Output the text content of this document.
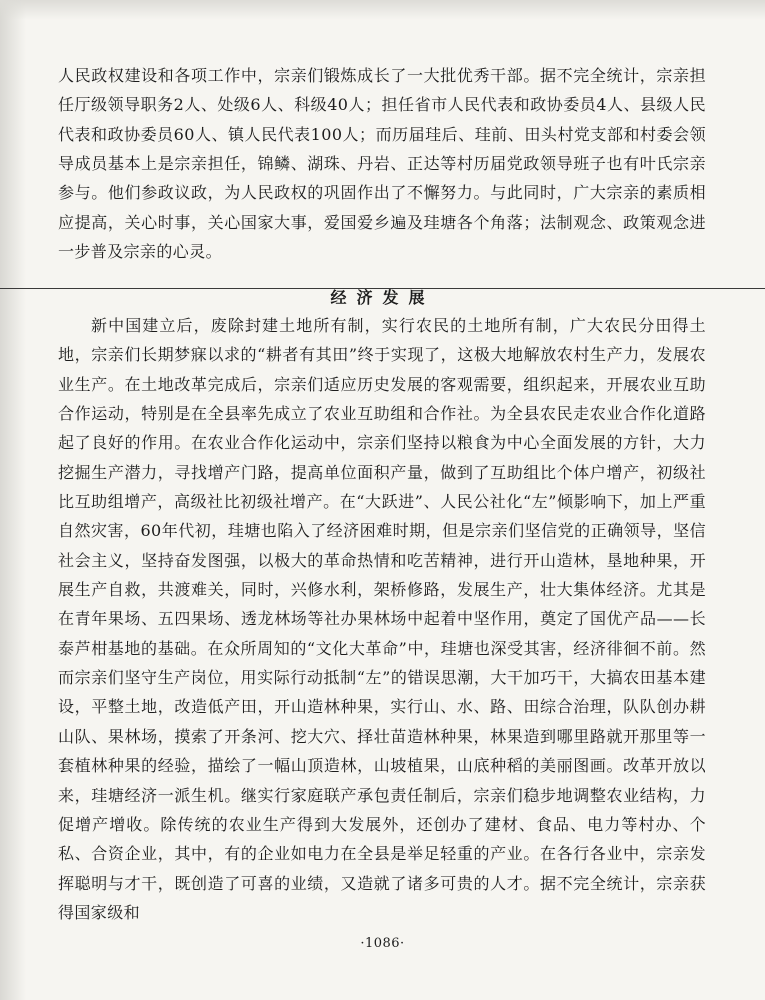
人民政权建设和各项工作中，宗亲们锻炼成长了一大批优秀干部。据不完全统计，宗亲担任厅级领导职务2人、处级6人、科级40人；担任省市人民代表和政协委员4人、县级人民代表和政协委员60人、镇人民代表100人；而历届珪后、珪前、田头村党支部和村委会领导成员基本上是宗亲担任，锦鳞、湖珠、丹岩、正达等村历届党政领导班子也有叶氏宗亲参与。他们参政议政，为人民政权的巩固作出了不懈努力。与此同时，广大宗亲的素质相应提高，关心时事，关心国家大事，爱国爱乡遍及珪塘各个角落；法制观念、政策观念进一步普及宗亲的心灵。

经济发展

新中国建立后，废除封建土地所有制，实行农民的土地所有制，广大农民分田得土地，宗亲们长期梦寐以求的“耕者有其田”终于实现了，这极大地解放农村生产力，发展农业生产。在土地改革完成后，宗亲们适应历史发展的客观需要，组织起来，开展农业互助合作运动，特别是在全县率先成立了农业互助组和合作社。为全县农民走农业合作化道路起了良好的作用。在农业合作化运动中，宗亲们坚持以粮食为中心全面发展的方针，大力挖掘生产潜力，寻找增产门路，提高单位面积产量，做到了互助组比个体户增产，初级社比互助组增产，高级社比初级社增产。在“大跃进”、人民公社化“左”倾影响下，加上严重自然灾害，60年代初，珪塘也陷入了经济困难时期，但是宗亲们坚信党的正确领导，坚信社会主义，坚持奋发图强，以极大的革命热情和吃苦精神，进行开山造林，垦地种果，开展生产自救，共渡难关，同时，兴修水利，架桥修路，发展生产，壮大集体经济。尤其是在青年果场、五四果场、透龙林场等社办果林场中起着中坚作用，奠定了国优产品——长泰芦柑基地的基础。在众所周知的“文化大革命”中，珪塘也深受其害，经济徘徊不前。然而宗亲们坚守生产岗位，用实际行动抵制“左”的错误思潮，大干加巧干，大搞农田基本建设，平整土地，改造低产田，开山造林种果，实行山、水、路、田综合治理，队队创办耕山队、果林场，摸索了开条河、挖大穴、择壮苗造林种果，林果造到哪里路就开那里等一套植林种果的经验，描绘了一幅山顶造林，山坡植果，山底种稻的美丽图画。改革开放以来，珪塘经济一派生机。继实行家庭联产承包责任制后，宗亲们稳步地调整农业结构，力促增产增收。除传统的农业生产得到大发展外，还创办了建材、食品、电力等村办、个私、合资企业，其中，有的企业如电力在全县是举足轻重的产业。在各行各业中，宗亲发挥聪明与才干，既创造了可喜的业绩，又造就了诸多可贵的人才。据不完全统计，宗亲获得国家级和

·1086·
